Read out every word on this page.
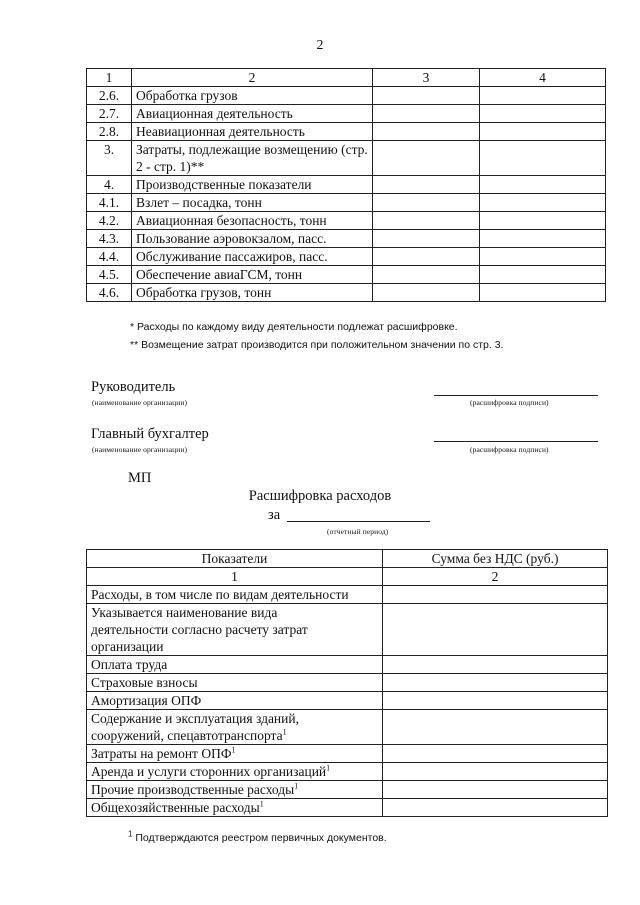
2
1	2	3	4
2.6.	Обработка грузов		
2.7.	Авиационная деятельность		
2.8.	Неавиационная деятельность		
3.	Затраты, подлежащие возмещению (стр. 2 - стр. 1)**		
4.	Производственные показатели		
4.1.	Взлет – посадка, тонн		
4.2.	Авиационная безопасность, тонн		
4.3.	Пользование аэровокзалом, пасс.		
4.4.	Обслуживание пассажиров, пасс.		
4.5.	Обеспечение авиаГСМ, тонн		
4.6.	Обработка грузов, тонн		
* Расходы по каждому виду деятельности подлежат расшифровке.
** Возмещение затрат производится при положительном значении по стр. 3.
Руководитель
(наименование организации)	(расшифровка подписи)
Главный бухгалтер
(наименование организации)	(расшифровка подписи)
МП
Расшифровка расходов
за
(отчетный период)
Показатели	Сумма без НДС (руб.)
1	2

Расходы, в том числе по видам деятельности	

Указывается наименование вида
деятельности согласно расчету затрат
организации	

Оплата труда	

Страховые взносы	

Амортизация ОПФ	

Содержание и эксплуатация зданий,
сооружений, спецавтотранспорта$^1$

Затраты на ремонт ОПФ$^1$

Аренда и услуги сторонних организаций$^1$

Прочие производственные расходы$^1$

Общехозяйственные расходы$^1$

$^1$ Подтверждаются реестром первичных документов.
